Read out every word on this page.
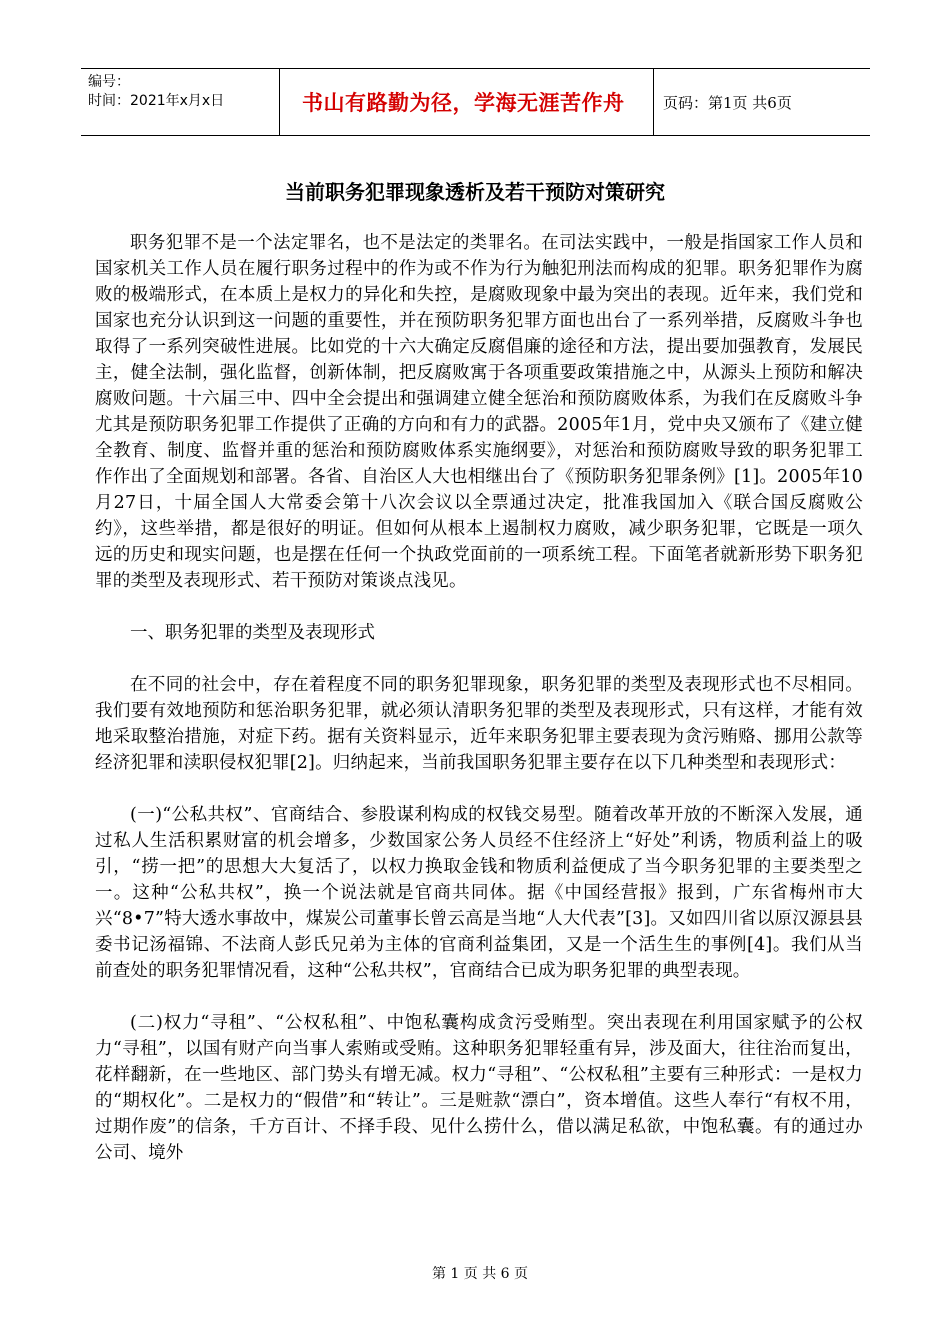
编号：
时间：2021年x月x日	书山有路勤为径，学海无涯苦作舟	页码：第1页 共6页
当前职务犯罪现象透析及若干预防对策研究

职务犯罪不是一个法定罪名，也不是法定的类罪名。在司法实践中，一般是指国家工作人员和国家机关工作人员在履行职务过程中的作为或不作为行为触犯刑法而构成的犯罪。职务犯罪作为腐败的极端形式，在本质上是权力的异化和失控，是腐败现象中最为突出的表现。近年来，我们党和国家也充分认识到这一问题的重要性，并在预防职务犯罪方面也出台了一系列举措，反腐败斗争也取得了一系列突破性进展。比如党的十六大确定反腐倡廉的途径和方法，提出要加强教育，发展民主，健全法制，强化监督，创新体制，把反腐败寓于各项重要政策措施之中，从源头上预防和解决腐败问题。十六届三中、四中全会提出和强调建立健全惩治和预防腐败体系，为我们在反腐败斗争尤其是预防职务犯罪工作提供了正确的方向和有力的武器。2005年1月，党中央又颁布了《建立健全教育、制度、监督并重的惩治和预防腐败体系实施纲要》，对惩治和预防腐败导致的职务犯罪工作作出了全面规划和部署。各省、自治区人大也相继出台了《预防职务犯罪条例》[1]。2005年10月27日，十届全国人大常委会第十八次会议以全票通过决定，批准我国加入《联合国反腐败公约》，这些举措，都是很好的明证。但如何从根本上遏制权力腐败，减少职务犯罪，它既是一项久远的历史和现实问题，也是摆在任何一个执政党面前的一项系统工程。下面笔者就新形势下职务犯罪的类型及表现形式、若干预防对策谈点浅见。

一、职务犯罪的类型及表现形式

在不同的社会中，存在着程度不同的职务犯罪现象，职务犯罪的类型及表现形式也不尽相同。我们要有效地预防和惩治职务犯罪，就必须认清职务犯罪的类型及表现形式，只有这样，才能有效地采取整治措施，对症下药。据有关资料显示，近年来职务犯罪主要表现为贪污贿赂、挪用公款等经济犯罪和渎职侵权犯罪[2]。归纳起来，当前我国职务犯罪主要存在以下几种类型和表现形式：

(一)“公私共权”、官商结合、参股谋利构成的权钱交易型。随着改革开放的不断深入发展，通过私人生活积累财富的机会增多，少数国家公务人员经不住经济上“好处”利诱，物质利益上的吸引，“捞一把”的思想大大复活了，以权力换取金钱和物质利益便成了当今职务犯罪的主要类型之一。这种“公私共权”，换一个说法就是官商共同体。据《中国经营报》报到，广东省梅州市大兴“8•7”特大透水事故中，煤炭公司董事长曾云高是当地“人大代表”[3]。又如四川省以原汉源县县委书记汤福锦、不法商人彭氏兄弟为主体的官商利益集团，又是一个活生生的事例[4]。我们从当前查处的职务犯罪情况看，这种“公私共权”，官商结合已成为职务犯罪的典型表现。

(二)权力“寻租”、“公权私租”、中饱私囊构成贪污受贿型。突出表现在利用国家赋予的公权力“寻租”，以国有财产向当事人索贿或受贿。这种职务犯罪轻重有异，涉及面大，往往治而复出，花样翻新，在一些地区、部门势头有增无减。权力“寻租”、“公权私租”主要有三种形式：一是权力的“期权化”。二是权力的“假借”和“转让”。三是赃款“漂白”，资本增值。这些人奉行“有权不用，过期作废”的信条，千方百计、不择手段、见什么捞什么，借以满足私欲，中饱私囊。有的通过办公司、境外

第 1 页 共 6 页
